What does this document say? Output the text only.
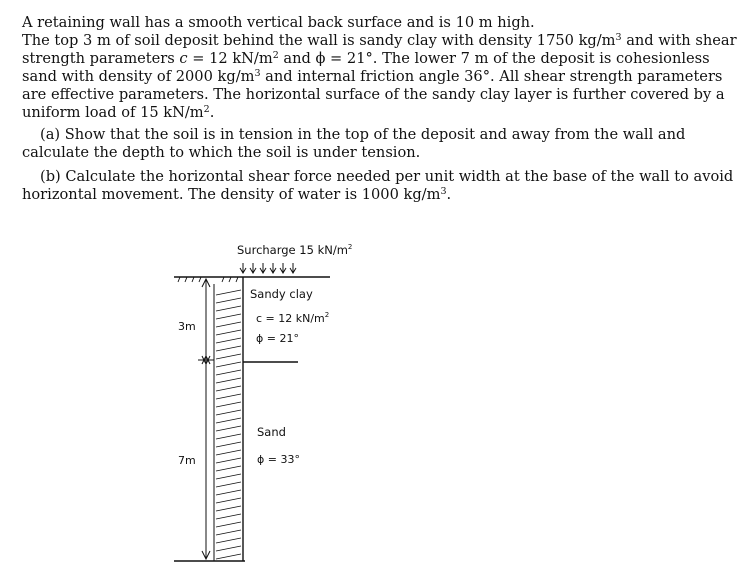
A retaining wall has a smooth vertical back surface and is 10 m high.

The top 3 m of soil deposit behind the wall is sandy clay with density 1750 $kg/m^3$ and with shear strength parameters c = 12 $kN/m^2$ and ϕ = 21°. The lower 7 m of the deposit is cohesionless sand with density of 2000 $kg/m^3$ and internal friction angle 36°. All shear strength parameters are effective parameters. The horizontal surface of the sandy clay layer is further covered by a uniform load of 15 $kN/m^2$.

(a) Show that the soil is in tension in the top of the deposit and away from the wall and calculate the depth to which the soil is under tension.

(b) Calculate the horizontal shear force needed per unit width at the base of the wall to avoid horizontal movement. The density of water is 1000 $kg/m^3$.

3m
7m
Surcharge 15 $kN/m^2$
Sandy clay
c = 12 $kN/m^2$
ϕ = 21°
Sand
ϕ = 33°
